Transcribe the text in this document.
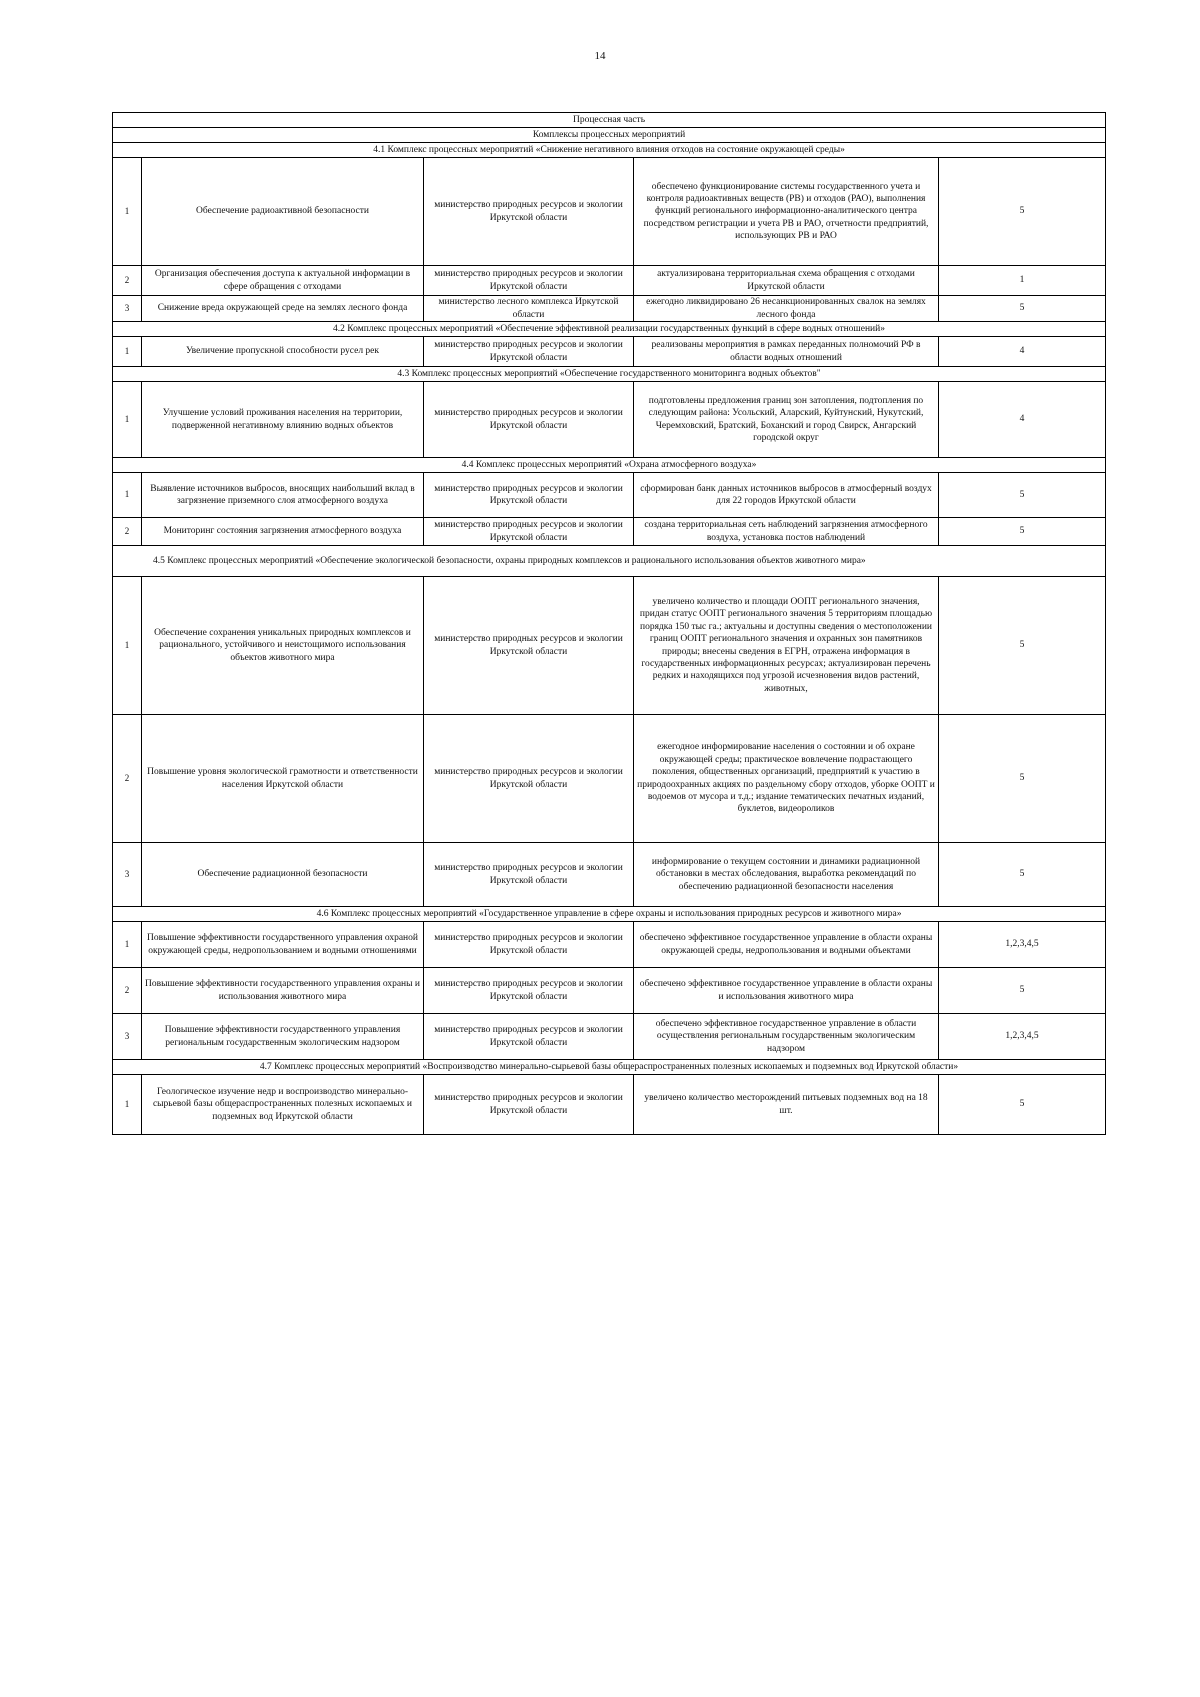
14
Процессная часть				
Комплексы процессных мероприятий				
4.1 Комплекс процессных мероприятий «Снижение негативного влияния отходов на состояние окружающей среды»				
1	Обеспечение радиоактивной безопасности	министерство природных ресурсов и экологии Иркутской области	обеспечено функционирование системы государственного учета и контроля радиоактивных веществ (РВ) и отходов (РАО), выполнения функций регионального информационно-аналитического центра посредством регистрации и учета РВ и РАО, отчетности предприятий, использующих РВ и РАО	5
2	Организация обеспечения доступа к актуальной информации в сфере обращения с отходами	министерство природных ресурсов и экологии Иркутской области	актуализирована территориальная схема обращения с отходами Иркутской области	1
3	Снижение вреда окружающей среде на землях лесного фонда	министерство лесного комплекса Иркутской области	ежегодно ликвидировано 26 несанкционированных свалок на землях лесного фонда	5
4.2 Комплекс процессных мероприятий «Обеспечение эффективной реализации государственных функций в сфере водных отношений»				
1	Увеличение пропускной способности русел рек	министерство природных ресурсов и экологии Иркутской области	реализованы мероприятия в рамках переданных полномочий РФ в области водных отношений	4
4.3 Комплекс процессных мероприятий «Обеспечение государственного мониторинга водных объектов"				
1	Улучшение условий проживания населения на территории, подверженной негативному влиянию водных объектов	министерство природных ресурсов и экологии Иркутской области	подготовлены предложения границ зон затопления, подтопления по следующим района: Усольский, Аларский, Куйтунский, Нукутский, Черемховский, Братский, Боханский и город Свирск, Ангарский городской округ	4
4.4 Комплекс процессных мероприятий «Охрана атмосферного воздуха»				
1	Выявление источников выбросов, вносящих наибольший вклад в загрязнение приземного слоя атмосферного воздуха	министерство природных ресурсов и экологии Иркутской области	сформирован банк данных источников выбросов в атмосферный воздух для 22 городов Иркутской области	5
2	Мониторинг состояния загрязнения атмосферного воздуха	министерство природных ресурсов и экологии Иркутской области	создана территориальная сеть наблюдений загрязнения атмосферного воздуха, установка постов наблюдений	5
4.5 Комплекс процессных мероприятий «Обеспечение экологической безопасности, охраны природных комплексов и рационального использования объектов животного мира»				
1	Обеспечение сохранения уникальных природных комплексов и рационального, устойчивого и неистощимого использования объектов животного мира	министерство природных ресурсов и экологии Иркутской области	увеличено количество и площади ООПТ регионального значения, придан статус ООПТ регионального значения 5 территориям площадью порядка 150 тыс га.; актуальны и доступны сведения о местоположении границ ООПТ регионального значения и охранных зон памятников природы; внесены сведения в ЕГРН, отражена информация в государственных информационных ресурсах; актуализирован перечень редких и находящихся под угрозой исчезновения видов растений, животных,	5
2	Повышение уровня экологической грамотности и ответственности населения Иркутской области	министерство природных ресурсов и экологии Иркутской области	ежегодное информирование населения о состоянии и об охране окружающей среды; практическое вовлечение подрастающего поколения, общественных организаций, предприятий к участию в природоохранных акциях по раздельному сбору отходов, уборке ООПТ и водоемов от мусора и т.д.; издание тематических печатных изданий, буклетов, видеороликов	5
3	Обеспечение радиационной безопасности	министерство природных ресурсов и экологии Иркутской области	информирование о текущем состоянии и динамики радиационной обстановки в местах обследования, выработка рекомендаций по обеспечению радиационной безопасности населения	5
4.6 Комплекс процессных мероприятий «Государственное управление в сфере охраны и использования природных ресурсов и животного мира»				
1	Повышение эффективности государственного управления охраной окружающей среды, недропользованием и водными отношениями	министерство природных ресурсов и экологии Иркутской области	обеспечено эффективное государственное управление в области охраны окружающей среды, недропользования и водными объектами	1,2,3,4,5
2	Повышение эффективности государственного управления охраны и использования животного мира	министерство природных ресурсов и экологии Иркутской области	обеспечено эффективное государственное управление в области охраны и использования животного мира	5
3	Повышение эффективности государственного управления региональным государственным экологическим надзором	министерство природных ресурсов и экологии Иркутской области	обеспечено эффективное государственное управление в области осуществления региональным государственным экологическим надзором	1,2,3,4,5
4.7 Комплекс процессных мероприятий «Воспроизводство минерально-сырьевой базы общераспространенных полезных ископаемых и подземных вод Иркутской области»				
1	Геологическое изучение недр и воспроизводство минерально-сырьевой базы общераспространенных полезных ископаемых и подземных вод Иркутской области	министерство природных ресурсов и экологии Иркутской области	увеличено количество месторождений питьевых подземных вод на 18 шт.	5
